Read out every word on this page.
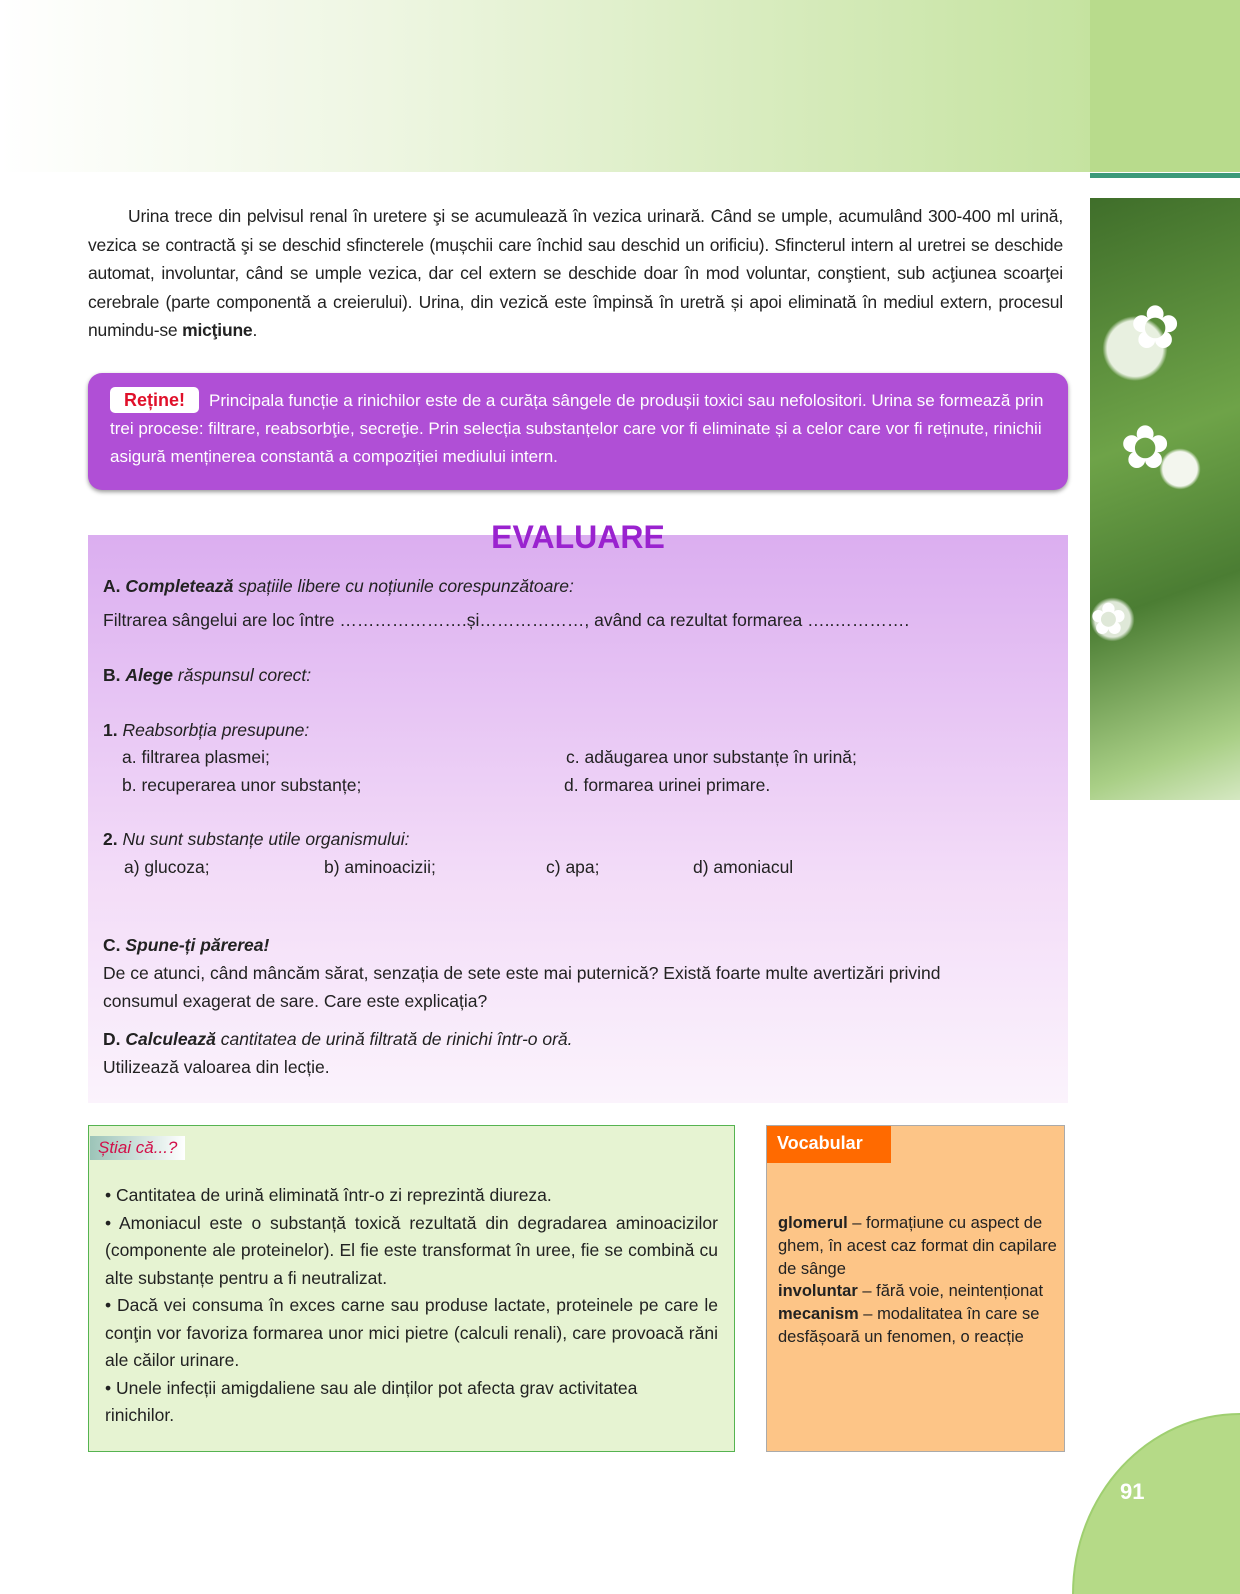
✿
✿
✿
Urina trece din pelvisul renal în uretere şi se acumulează în vezica urinară. Când se umple, acumulând 300-400 ml urină, vezica se contractă şi se deschid sfincterele (mușchii care închid sau deschid un orificiu). Sfincterul intern al uretrei se deschide automat, involuntar, când se umple vezica, dar cel extern se deschide doar în mod voluntar, conştient, sub acţiunea scoarţei cerebrale (parte componentă a creierului). Urina, din vezică este împinsă în uretră și apoi eliminată în mediul extern, procesul numindu-se micţiune.
Reține! Principala funcție a rinichilor este de a curăța sângele de produșii toxici sau nefolositori. Urina se formează prin trei procese: filtrare, reabsorbţie, secreţie. Prin selecția substanțelor care vor fi eliminate și a celor care vor fi reținute, rinichii asigură menținerea constantă a compoziției mediului intern.
EVALUARE
A. Completează spațiile libere cu noțiunile corespunzătoare:
Filtrarea sângelui are loc între ………………….și………………, având ca rezultat formarea …..………….
B. Alege răspunsul corect:
1. Reabsorbția presupune:
a. filtrarea plasmei;	c. adăugarea unor substanțe în urină;
b. recuperarea unor substanțe;	d. formarea urinei primare.
2. Nu sunt substanțe utile organismului:
a) glucoza;	b) aminoacizii;	c) apa;	d) amoniacul
C. Spune-ți părerea!
De ce atunci, când mâncăm sărat, senzația de sete este mai puternică? Există foarte multe avertizări privind consumul exagerat de sare. Care este explicația?
D. Calculează cantitatea de urină filtrată de rinichi într-o oră.
Utilizează valoarea din lecție.
Știai că...?
• Cantitatea de urină eliminată într-o zi reprezintă diureza.
• Amoniacul este o substanță toxică rezultată din degradarea aminoacizilor (componente ale proteinelor). El fie este transformat în uree, fie se combină cu alte substanțe pentru a fi neutralizat.
• Dacă vei consuma în exces carne sau produse lactate, proteinele pe care le conţin vor favoriza formarea unor mici pietre (calculi renali), care provoacă răni ale căilor urinare.
• Unele infecții amigdaliene sau ale dinților pot afecta grav activitatea rinichilor.
Vocabular
glomerul – formațiune cu aspect de ghem, în acest caz format din capilare de sânge
involuntar – fără voie, neintenționat
mecanism – modalitatea în care se desfășoară un fenomen, o reacție
91
